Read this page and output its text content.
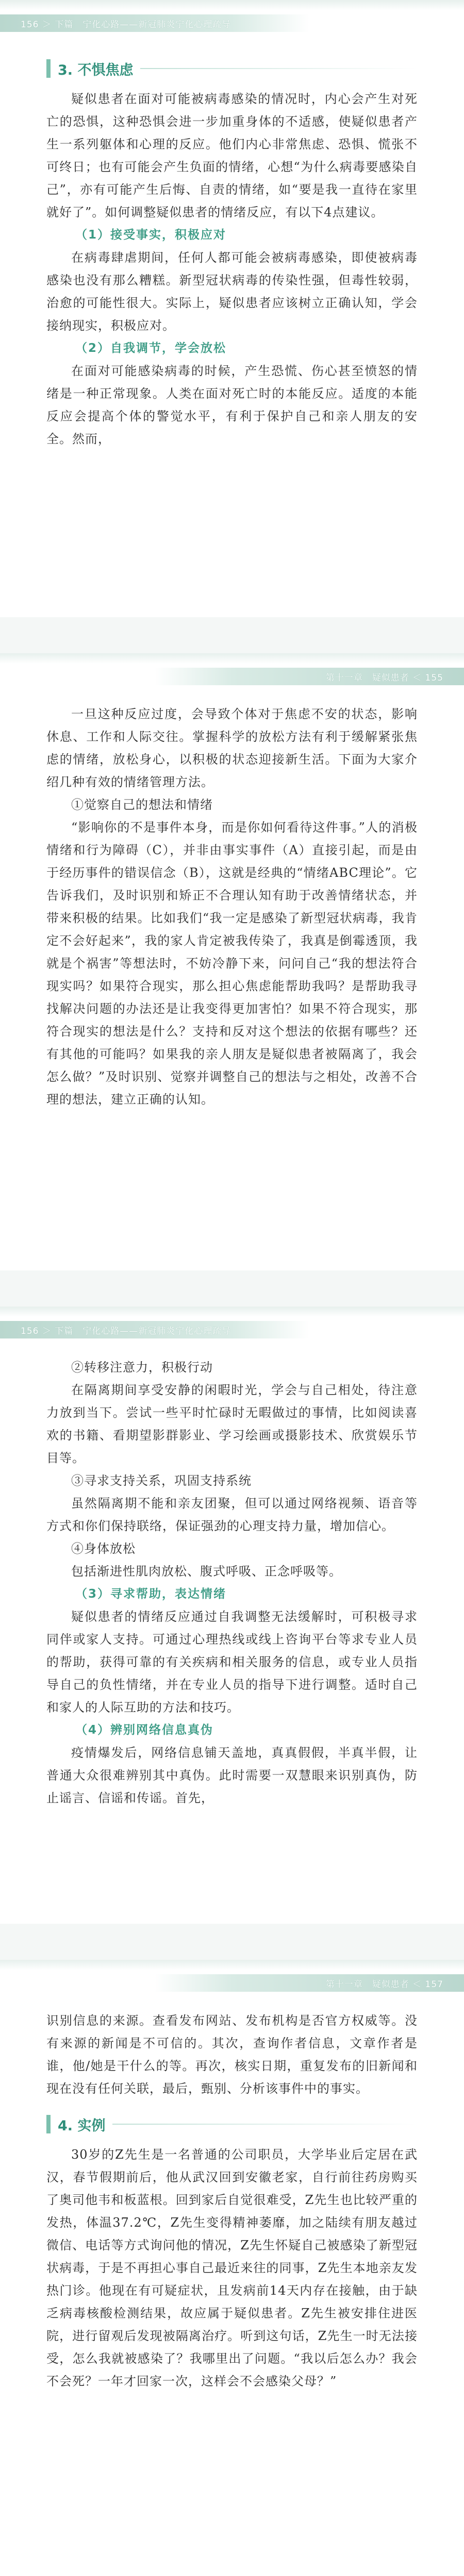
156 ＞ 下篇　宁化心路——新冠肺炎宁化心理疏导
3. 不惧焦虑

疑似患者在面对可能被病毒感染的情况时，内心会产生对死亡的恐惧，这种恐惧会进一步加重身体的不适感，使疑似患者产生一系列躯体和心理的反应。他们内心非常焦虑、恐惧、慌张不可终日；也有可能会产生负面的情绪，心想“为什么病毒要感染自己”，亦有可能产生后悔、自责的情绪，如“要是我一直待在家里就好了”。如何调整疑似患者的情绪反应，有以下4点建议。

（1）接受事实，积极应对

在病毒肆虐期间，任何人都可能会被病毒感染，即使被病毒感染也没有那么糟糕。新型冠状病毒的传染性强，但毒性较弱，治愈的可能性很大。实际上，疑似患者应该树立正确认知，学会接纳现实，积极应对。

（2）自我调节，学会放松

在面对可能感染病毒的时候，产生恐慌、伤心甚至愤怒的情绪是一种正常现象。人类在面对死亡时的本能反应。适度的本能反应会提高个体的警觉水平，有利于保护自己和亲人朋友的安全。然而，

第十一章　疑似患者 ＜ 155

一旦这种反应过度，会导致个体对于焦虑不安的状态，影响休息、工作和人际交往。掌握科学的放松方法有利于缓解紧张焦虑的情绪，放松身心，以积极的状态迎接新生活。下面为大家介绍几种有效的情绪管理方法。

①觉察自己的想法和情绪

“影响你的不是事件本身，而是你如何看待这件事。”人的消极情绪和行为障碍（C），并非由事实事件（A）直接引起，而是由于经历事件的错误信念（B），这就是经典的“情绪ABC理论”。它告诉我们，及时识别和矫正不合理认知有助于改善情绪状态，并带来积极的结果。比如我们“我一定是感染了新型冠状病毒，我肯定不会好起来”，我的家人肯定被我传染了，我真是倒霉透顶，我就是个祸害”等想法时，不妨冷静下来，问问自己“我的想法符合现实吗？如果符合现实，那么担心焦虑能帮助我吗？是帮助我寻找解决问题的办法还是让我变得更加害怕？如果不符合现实，那符合现实的想法是什么？支持和反对这个想法的依据有哪些？还有其他的可能吗？如果我的亲人朋友是疑似患者被隔离了，我会怎么做？”及时识别、觉察并调整自己的想法与之相处，改善不合理的想法，建立正确的认知。

156 ＞ 下篇　宁化心路——新冠肺炎宁化心理疏导

②转移注意力，积极行动

在隔离期间享受安静的闲暇时光，学会与自己相处，待注意力放到当下。尝试一些平时忙碌时无暇做过的事情，比如阅读喜欢的书籍、看期望影群影业、学习绘画或摄影技术、欣赏娱乐节目等。

③寻求支持关系，巩固支持系统

虽然隔离期不能和亲友团聚，但可以通过网络视频、语音等方式和你们保持联络，保证强劲的心理支持力量，增加信心。

④身体放松

包括渐进性肌肉放松、腹式呼吸、正念呼吸等。

（3）寻求帮助，表达情绪

疑似患者的情绪反应通过自我调整无法缓解时，可积极寻求同伴或家人支持。可通过心理热线或线上咨询平台等求专业人员的帮助，获得可靠的有关疾病和相关服务的信息，或专业人员指导自己的负性情绪，并在专业人员的指导下进行调整。适时自己和家人的人际互助的方法和技巧。

（4）辨别网络信息真伪

疫情爆发后，网络信息铺天盖地，真真假假，半真半假，让普通大众很难辨别其中真伪。此时需要一双慧眼来识别真伪，防止谣言、信谣和传谣。首先，

第十一章　疑似患者 ＜ 157

识别信息的来源。查看发布网站、发布机构是否官方权威等。没有来源的新闻是不可信的。其次，查询作者信息，文章作者是谁，他/她是干什么的等。再次，核实日期，重复发布的旧新闻和现在没有任何关联，最后，甄别、分析该事件中的事实。

4. 实例

30岁的Z先生是一名普通的公司职员，大学毕业后定居在武汉，春节假期前后，他从武汉回到安徽老家，自行前往药房购买了奥司他韦和板蓝根。回到家后自觉很难受，Z先生也比较严重的发热，体温37.2℃，Z先生变得精神萎靡，加之陆续有朋友越过微信、电话等方式询问他的情况，Z先生怀疑自己被感染了新型冠状病毒，于是不再担心事自己最近来往的同事，Z先生本地亲友发热门诊。他现在有可疑症状，且发病前14天内存在接触，由于缺乏病毒核酸检测结果，故应属于疑似患者。Z先生被安排住进医院，进行留观后发现被隔离治疗。听到这句话，Z先生一时无法接受，怎么我就被感染了？我哪里出了问题。“我以后怎么办？我会不会死？一年才回家一次，这样会不会感染父母？”
